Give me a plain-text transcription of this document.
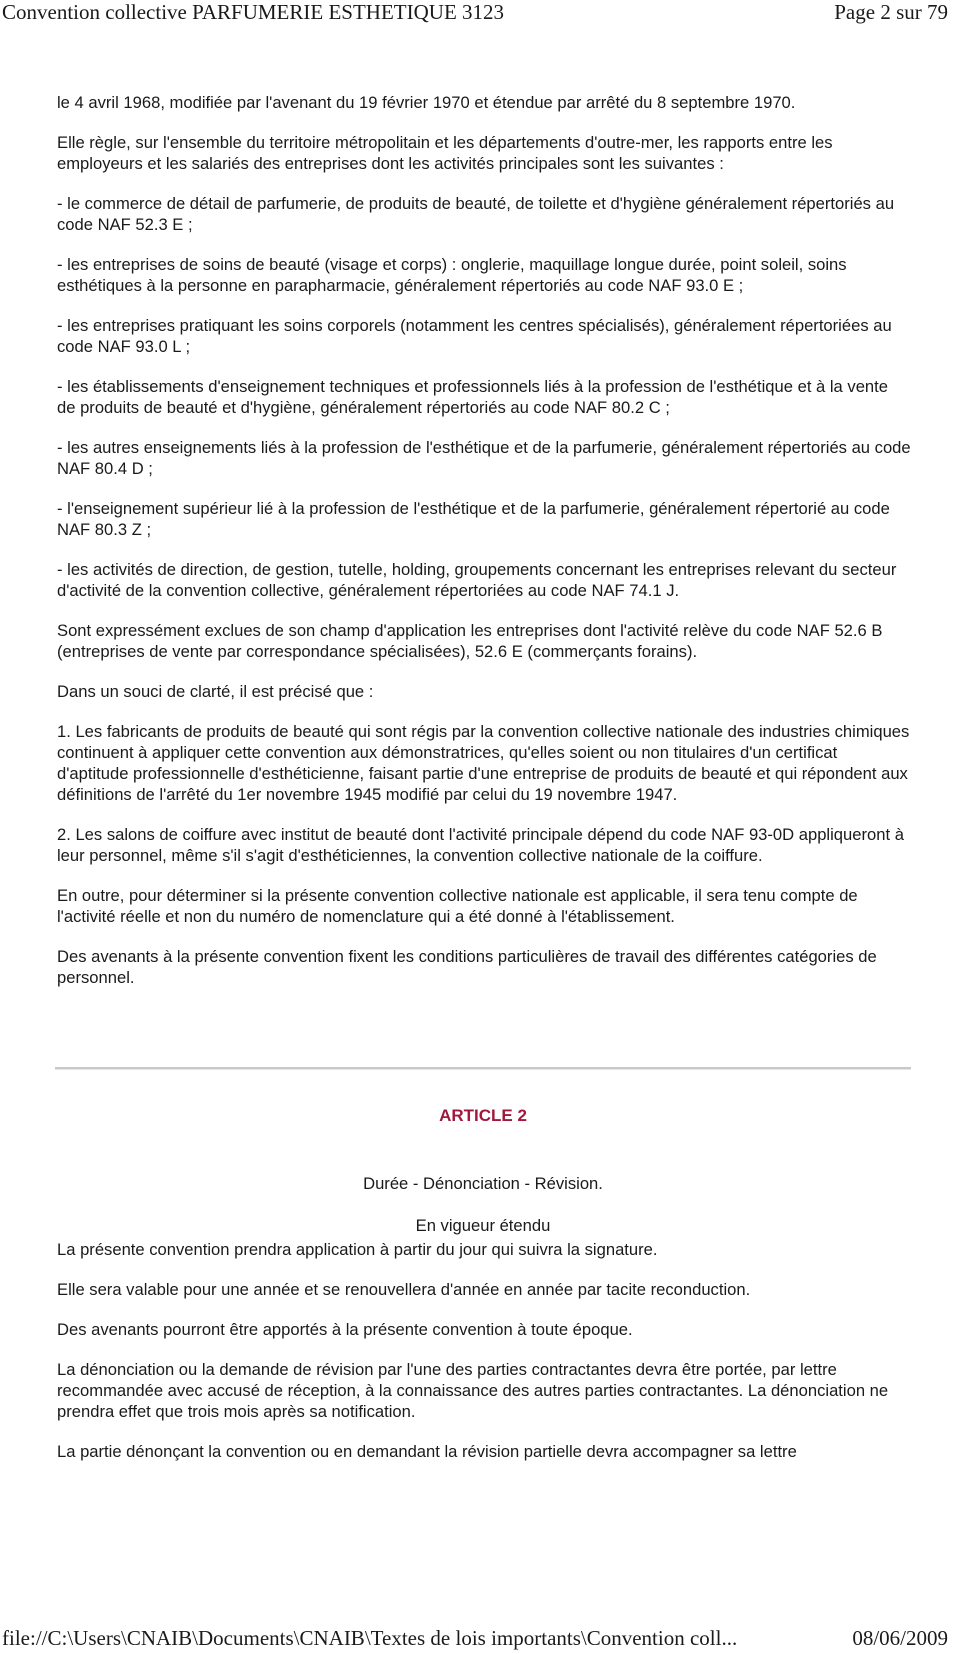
Convention collective PARFUMERIE ESTHETIQUE 3123	Page 2 sur 79

le 4 avril 1968, modifiée par l'avenant du 19 février 1970 et étendue par arrêté du 8 septembre 1970.

Elle règle, sur l'ensemble du territoire métropolitain et les départements d'outre-mer, les rapports entre les employeurs et les salariés des entreprises dont les activités principales sont les suivantes :

- le commerce de détail de parfumerie, de produits de beauté, de toilette et d'hygiène généralement répertoriés au code NAF 52.3 E ;

- les entreprises de soins de beauté (visage et corps) : onglerie, maquillage longue durée, point soleil, soins esthétiques à la personne en parapharmacie, généralement répertoriés au code NAF 93.0 E ;

- les entreprises pratiquant les soins corporels (notamment les centres spécialisés), généralement répertoriées au code NAF 93.0 L ;

- les établissements d'enseignement techniques et professionnels liés à la profession de l'esthétique et à la vente de produits de beauté et d'hygiène, généralement répertoriés au code NAF 80.2 C ;

- les autres enseignements liés à la profession de l'esthétique et de la parfumerie, généralement répertoriés au code NAF 80.4 D ;

- l'enseignement supérieur lié à la profession de l'esthétique et de la parfumerie, généralement répertorié au code NAF 80.3 Z ;

- les activités de direction, de gestion, tutelle, holding, groupements concernant les entreprises relevant du secteur d'activité de la convention collective, généralement répertoriées au code NAF 74.1 J.

Sont expressément exclues de son champ d'application les entreprises dont l'activité relève du code NAF 52.6 B (entreprises de vente par correspondance spécialisées), 52.6 E (commerçants forains).

Dans un souci de clarté, il est précisé que :

1. Les fabricants de produits de beauté qui sont régis par la convention collective nationale des industries chimiques continuent à appliquer cette convention aux démonstratrices, qu'elles soient ou non titulaires d'un certificat d'aptitude professionnelle d'esthéticienne, faisant partie d'une entreprise de produits de beauté et qui répondent aux définitions de l'arrêté du 1er novembre 1945 modifié par celui du 19 novembre 1947.

2. Les salons de coiffure avec institut de beauté dont l'activité principale dépend du code NAF 93-0D appliqueront à leur personnel, même s'il s'agit d'esthéticiennes, la convention collective nationale de la coiffure.

En outre, pour déterminer si la présente convention collective nationale est applicable, il sera tenu compte de l'activité réelle et non du numéro de nomenclature qui a été donné à l'établissement.

Des avenants à la présente convention fixent les conditions particulières de travail des différentes catégories de personnel.

ARTICLE 2
Durée - Dénonciation - Révision.
En vigueur étendu

La présente convention prendra application à partir du jour qui suivra la signature.

Elle sera valable pour une année et se renouvellera d'année en année par tacite reconduction.

Des avenants pourront être apportés à la présente convention à toute époque.

La dénonciation ou la demande de révision par l'une des parties contractantes devra être portée, par lettre recommandée avec accusé de réception, à la connaissance des autres parties contractantes. La dénonciation ne prendra effet que trois mois après sa notification.

La partie dénonçant la convention ou en demandant la révision partielle devra accompagner sa lettre

file://C:\Users\CNAIB\Documents\CNAIB\Textes de lois importants\Convention coll...	08/06/2009
